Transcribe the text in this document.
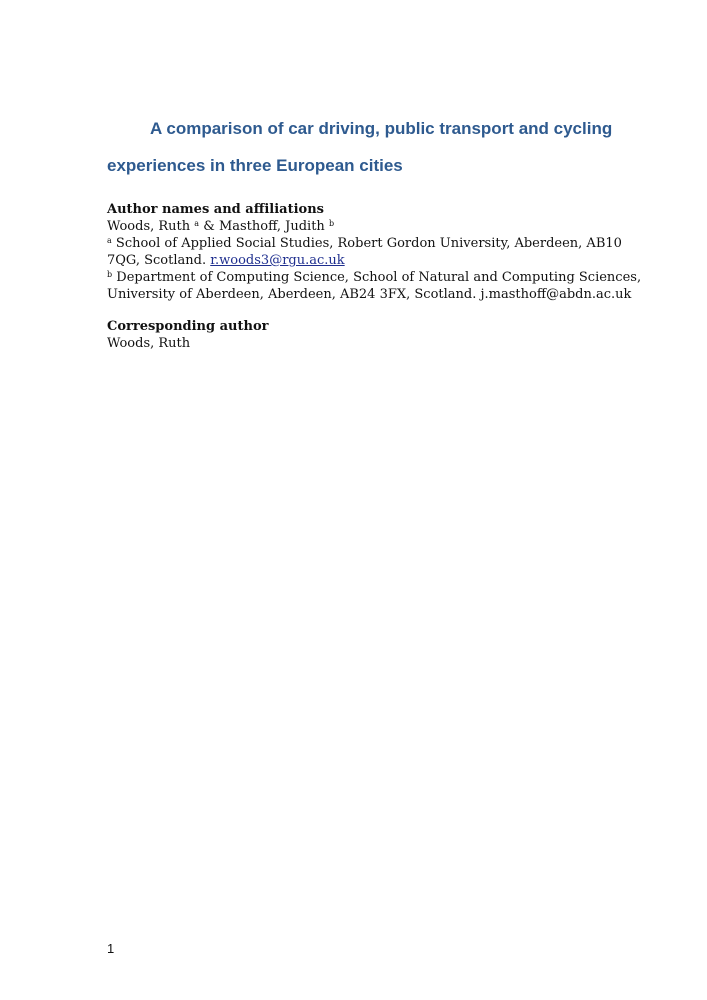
A comparison of car driving, public transport and cycling experiences in three European cities

Author names and affiliations

Woods, Ruth $^a$ & Masthoff, Judith $^b$

$^a$ School of Applied Social Studies, Robert Gordon University, Aberdeen, AB10

7QG, Scotland. r.woods3@rgu.ac.uk

$^b$ Department of Computing Science, School of Natural and Computing Sciences,

University of Aberdeen, Aberdeen, AB24 3FX, Scotland. j.masthoff@abdn.ac.uk

Corresponding author

Woods, Ruth

1
